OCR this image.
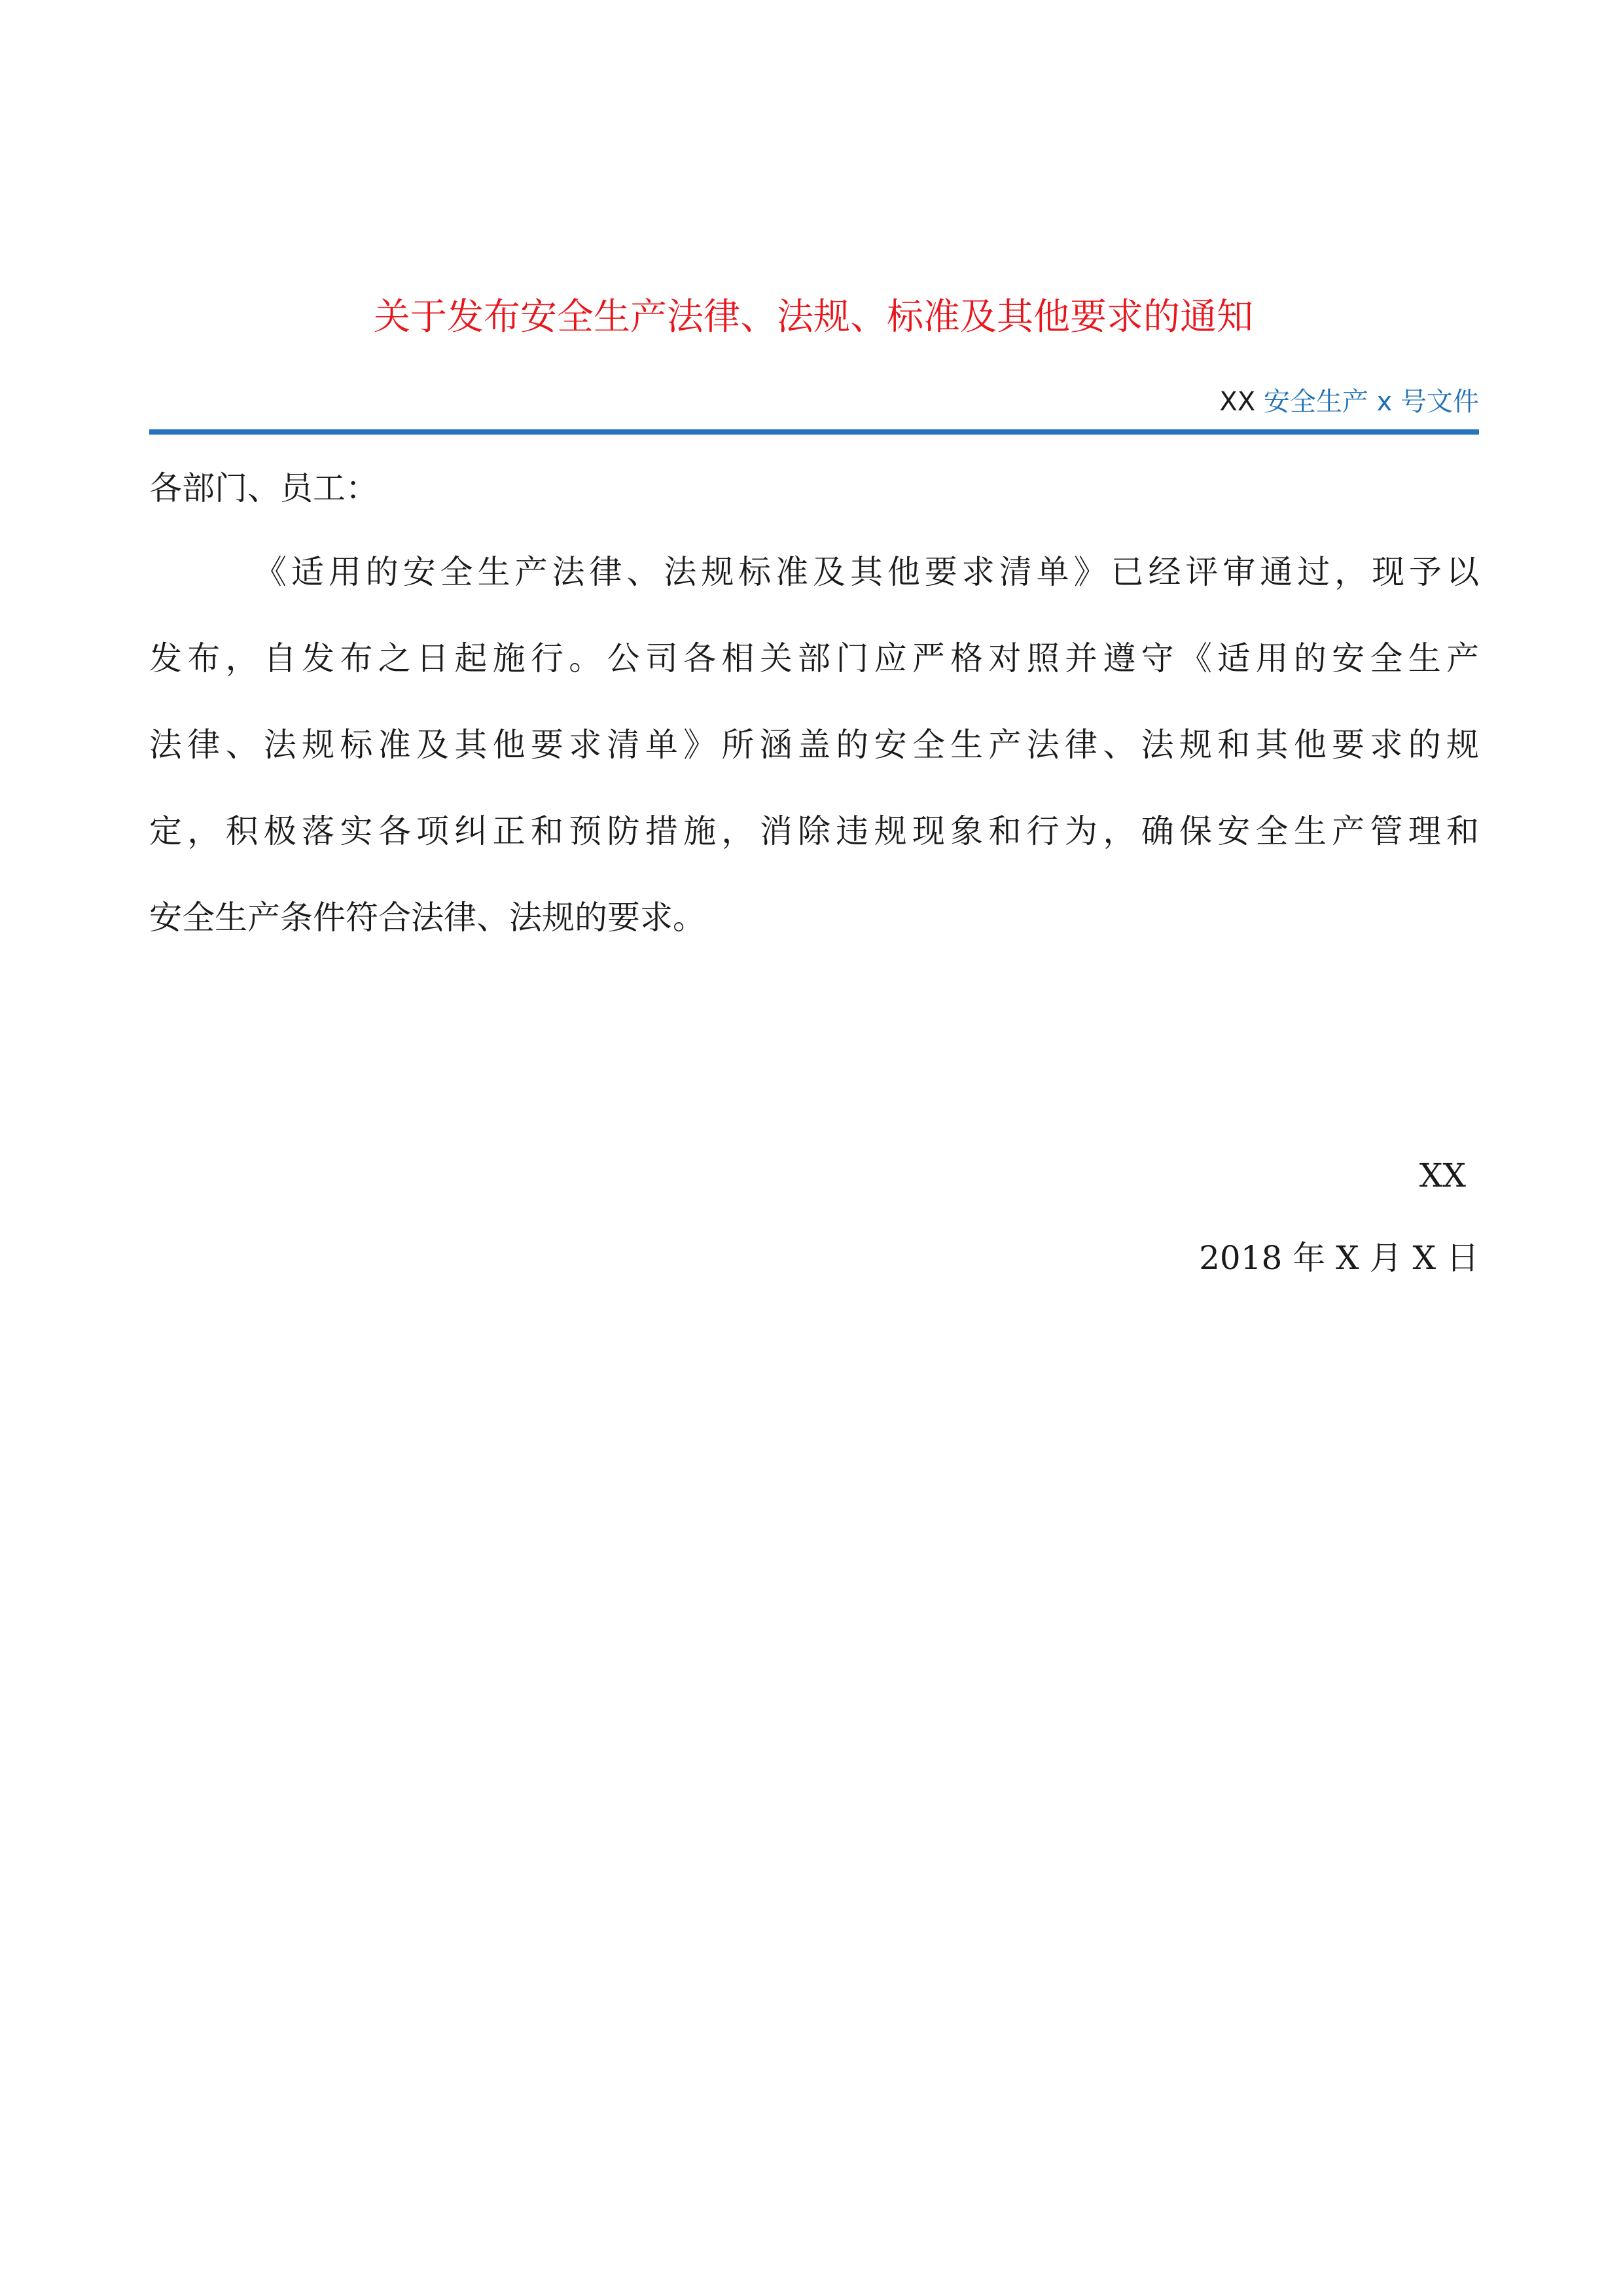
关于发布安全生产法律、法规、标准及其他要求的通知
XX 安全生产 x 号文件
各部门、员工：
《适用的安全生产法律、法规标准及其他要求清单》已经评审通过，现予以
发布，自发布之日起施行。公司各相关部门应严格对照并遵守《适用的安全生产
法律、法规标准及其他要求清单》所涵盖的安全生产法律、法规和其他要求的规
定，积极落实各项纠正和预防措施，消除违规现象和行为，确保安全生产管理和
安全生产条件符合法律、法规的要求。
XX
2018 年 X 月 X 日
